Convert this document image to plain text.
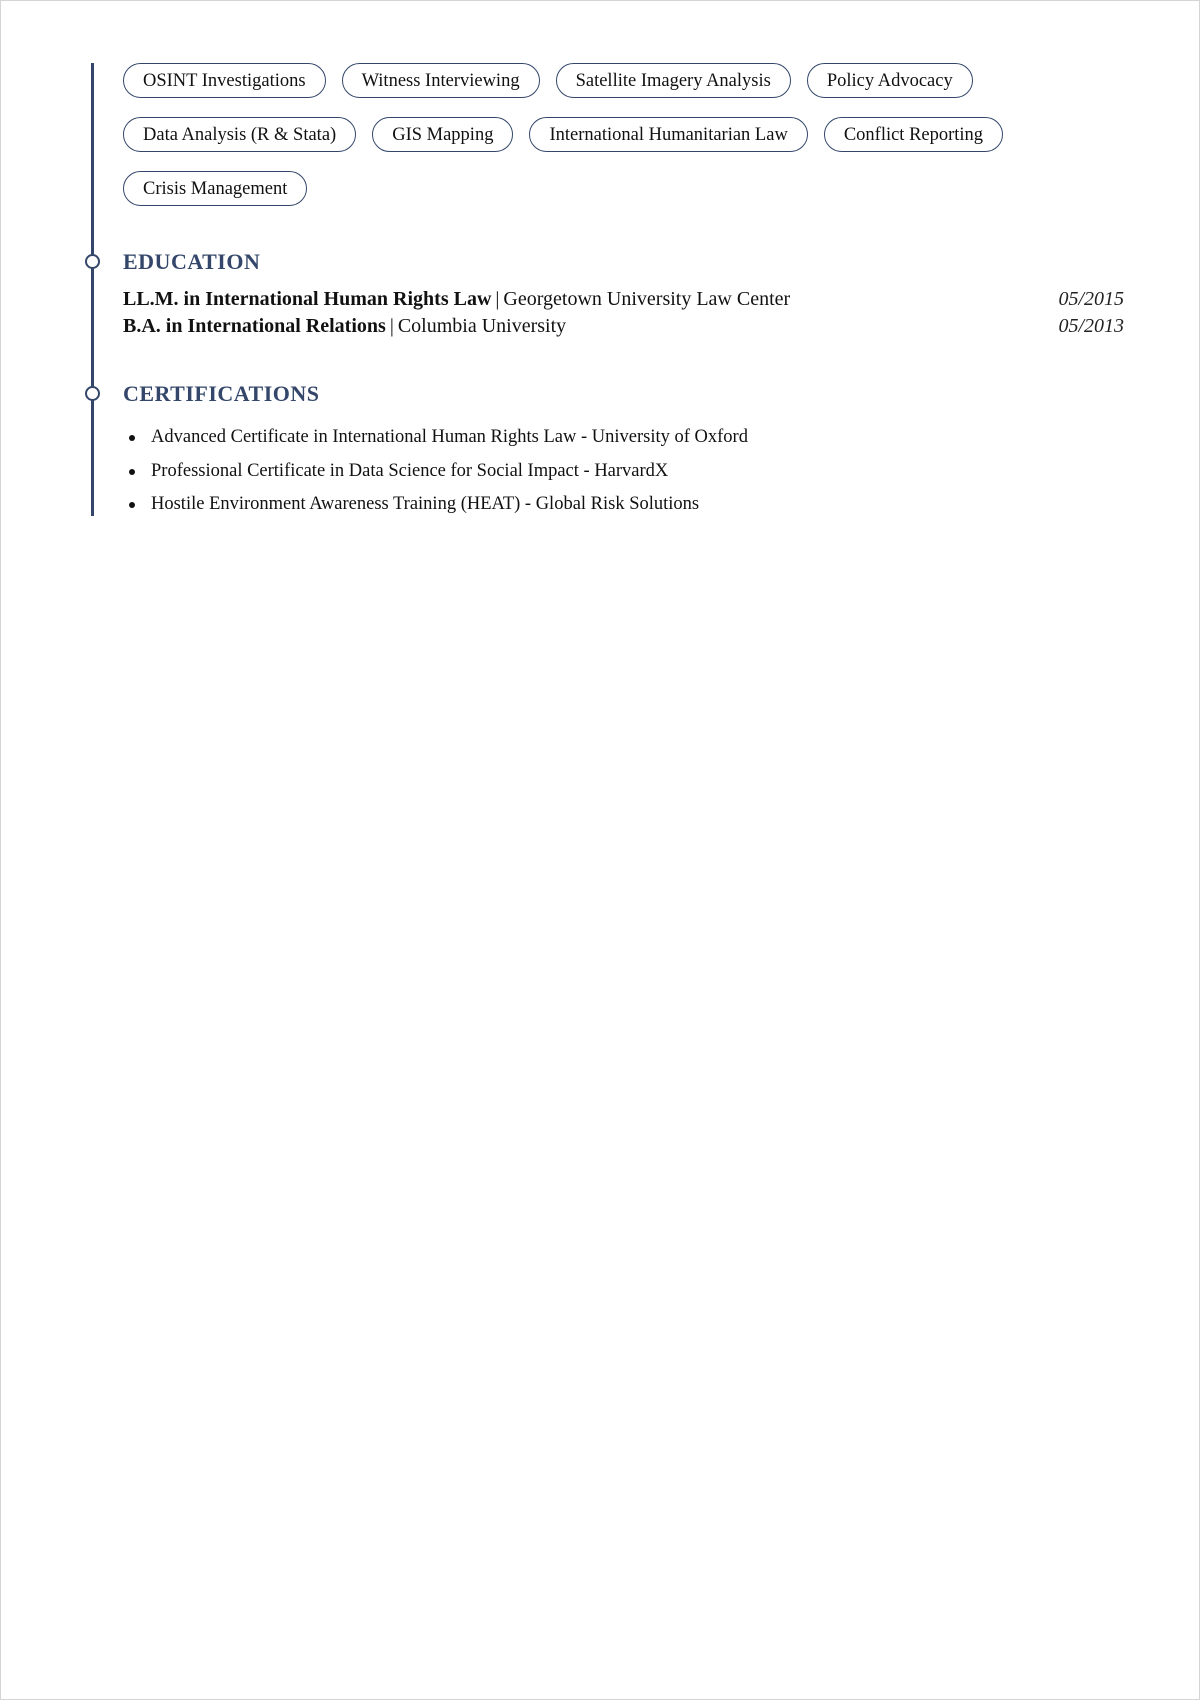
OSINT Investigations	Witness Interviewing	Satellite Imagery Analysis	Policy Advocacy
Data Analysis (R & Stata)	GIS Mapping	International Humanitarian Law	Conflict Reporting
Crisis Management
EDUCATION
LL.M. in International Human Rights Law | Georgetown University Law Center	05/2015
B.A. in International Relations | Columbia University	05/2013
CERTIFICATIONS
Advanced Certificate in International Human Rights Law - University of Oxford
Professional Certificate in Data Science for Social Impact - HarvardX
Hostile Environment Awareness Training (HEAT) - Global Risk Solutions
